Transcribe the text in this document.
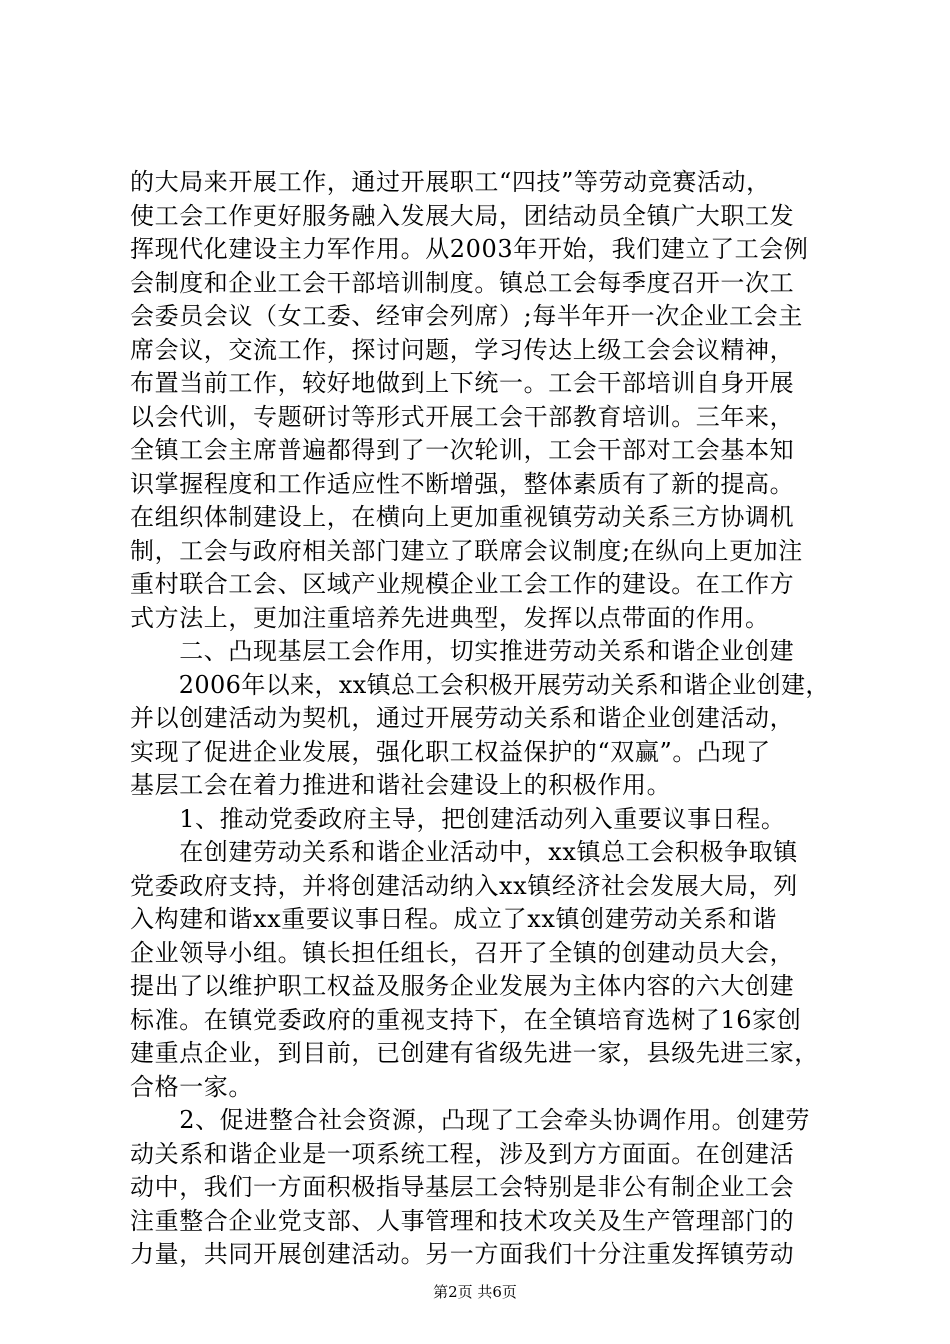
的大局来开展工作，通过开展职工“四技”等劳动竞赛活动，
使工会工作更好服务融入发展大局，团结动员全镇广大职工发
挥现代化建设主力军作用。从2003年开始，我们建立了工会例
会制度和企业工会干部培训制度。镇总工会每季度召开一次工
会委员会议（女工委、经审会列席）;每半年开一次企业工会主
席会议，交流工作，探讨问题，学习传达上级工会会议精神，
布置当前工作，较好地做到上下统一。工会干部培训自身开展
以会代训，专题研讨等形式开展工会干部教育培训。三年来，
全镇工会主席普遍都得到了一次轮训，工会干部对工会基本知
识掌握程度和工作适应性不断增强，整体素质有了新的提高。
在组织体制建设上，在横向上更加重视镇劳动关系三方协调机
制，工会与政府相关部门建立了联席会议制度;在纵向上更加注
重村联合工会、区域产业规模企业工会工作的建设。在工作方
式方法上，更加注重培养先进典型，发挥以点带面的作用。
　　二、凸现基层工会作用，切实推进劳动关系和谐企业创建
　　2006年以来，xx镇总工会积极开展劳动关系和谐企业创建，
并以创建活动为契机，通过开展劳动关系和谐企业创建活动，
实现了促进企业发展，强化职工权益保护的“双赢”。凸现了
基层工会在着力推进和谐社会建设上的积极作用。
　　1、推动党委政府主导，把创建活动列入重要议事日程。
　　在创建劳动关系和谐企业活动中，xx镇总工会积极争取镇
党委政府支持，并将创建活动纳入xx镇经济社会发展大局，列
入构建和谐xx重要议事日程。成立了xx镇创建劳动关系和谐
企业领导小组。镇长担任组长，召开了全镇的创建动员大会，
提出了以维护职工权益及服务企业发展为主体内容的六大创建
标准。在镇党委政府的重视支持下，在全镇培育选树了16家创
建重点企业，到目前，已创建有省级先进一家，县级先进三家，
合格一家。
　　2、促进整合社会资源，凸现了工会牵头协调作用。创建劳
动关系和谐企业是一项系统工程，涉及到方方面面。在创建活
动中，我们一方面积极指导基层工会特别是非公有制企业工会
注重整合企业党支部、人事管理和技术攻关及生产管理部门的
力量，共同开展创建活动。另一方面我们十分注重发挥镇劳动
第2页 共6页
